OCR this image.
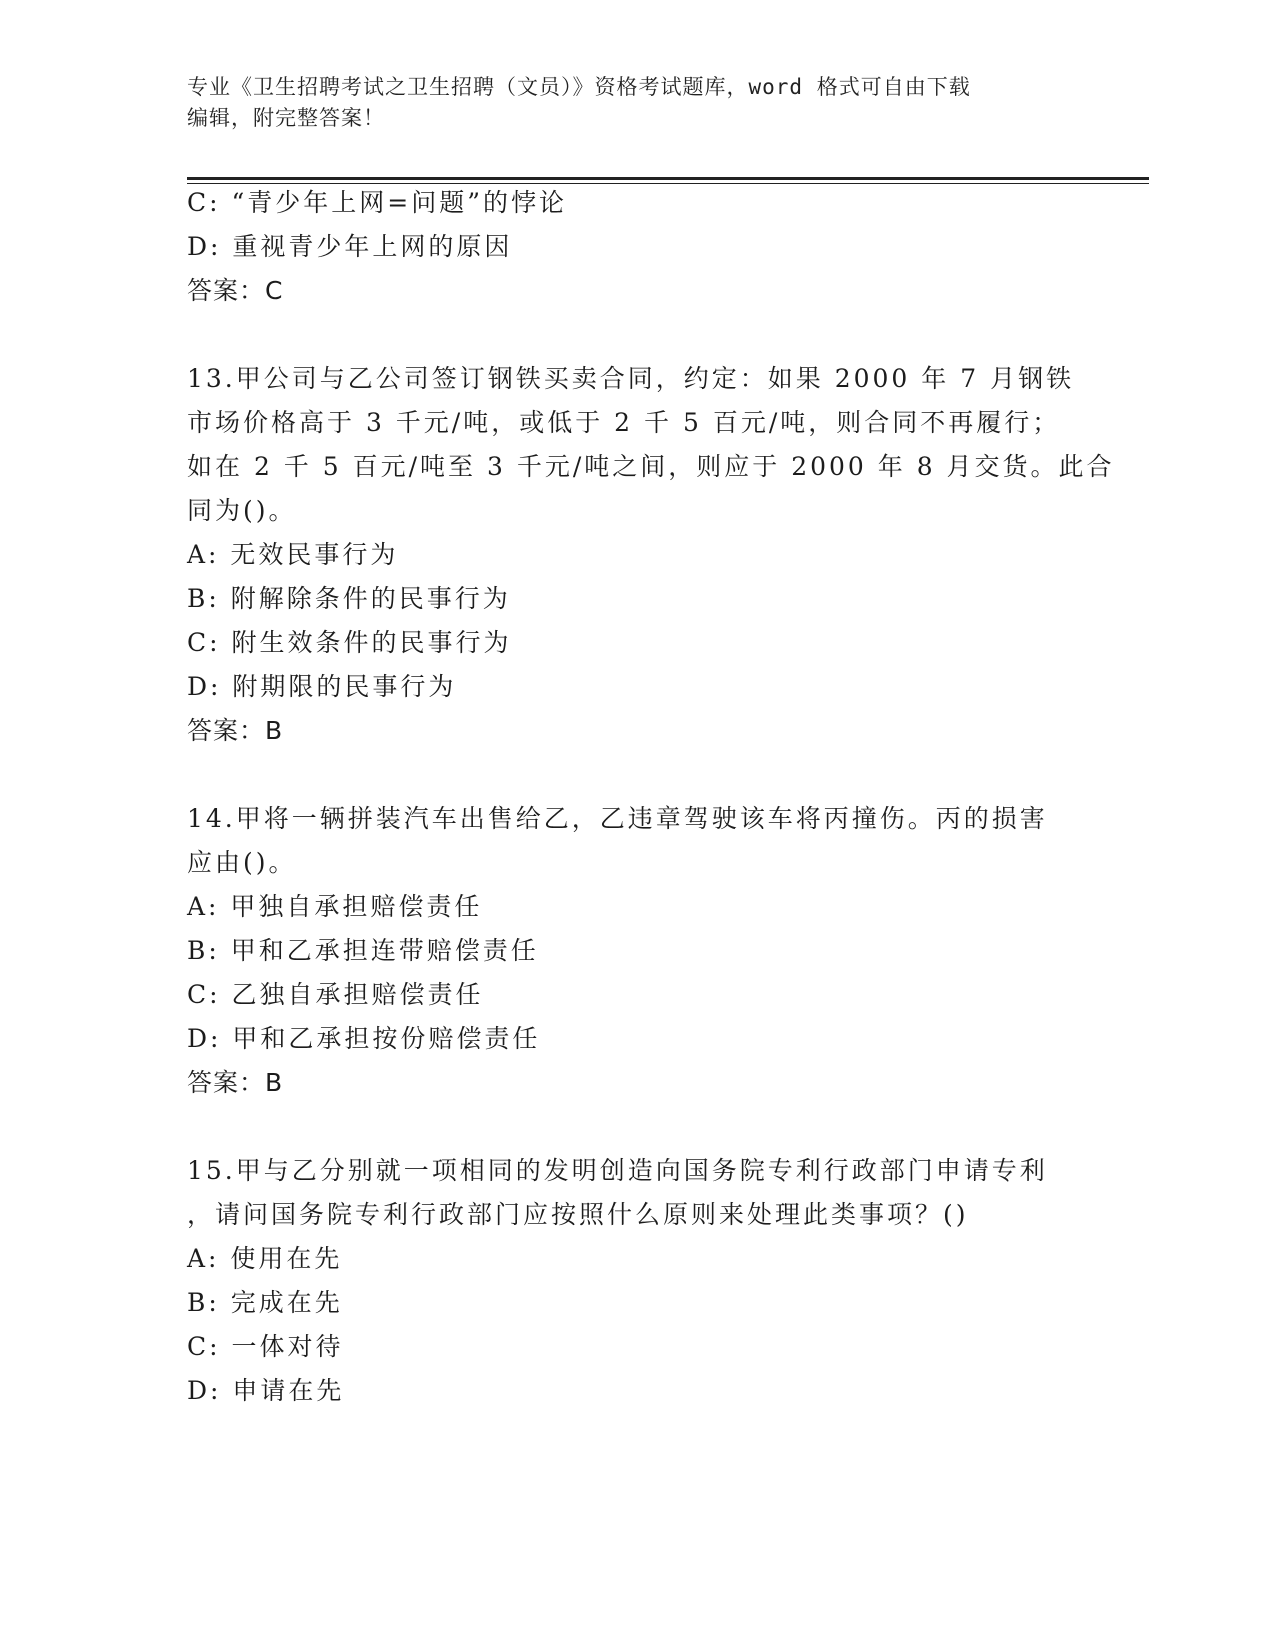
专业《卫生招聘考试之卫生招聘（文员）》资格考试题库，word 格式可自由下载
编辑，附完整答案！
C: “青少年上网=问题”的悖论
D: 重视青少年上网的原因
答案：C
13.甲公司与乙公司签订钢铁买卖合同，约定：如果 2000 年 7 月钢铁
市场价格高于 3 千元/吨，或低于 2 千 5 百元/吨，则合同不再履行；
如在 2 千 5 百元/吨至 3 千元/吨之间，则应于 2000 年 8 月交货。此合
同为()。
A: 无效民事行为
B: 附解除条件的民事行为
C: 附生效条件的民事行为
D: 附期限的民事行为
答案：B
14.甲将一辆拼装汽车出售给乙，乙违章驾驶该车将丙撞伤。丙的损害
应由()。
A: 甲独自承担赔偿责任
B: 甲和乙承担连带赔偿责任
C: 乙独自承担赔偿责任
D: 甲和乙承担按份赔偿责任
答案：B
15.甲与乙分别就一项相同的发明创造向国务院专利行政部门申请专利
，请问国务院专利行政部门应按照什么原则来处理此类事项？()
A: 使用在先
B: 完成在先
C: 一体对待
D: 申请在先
